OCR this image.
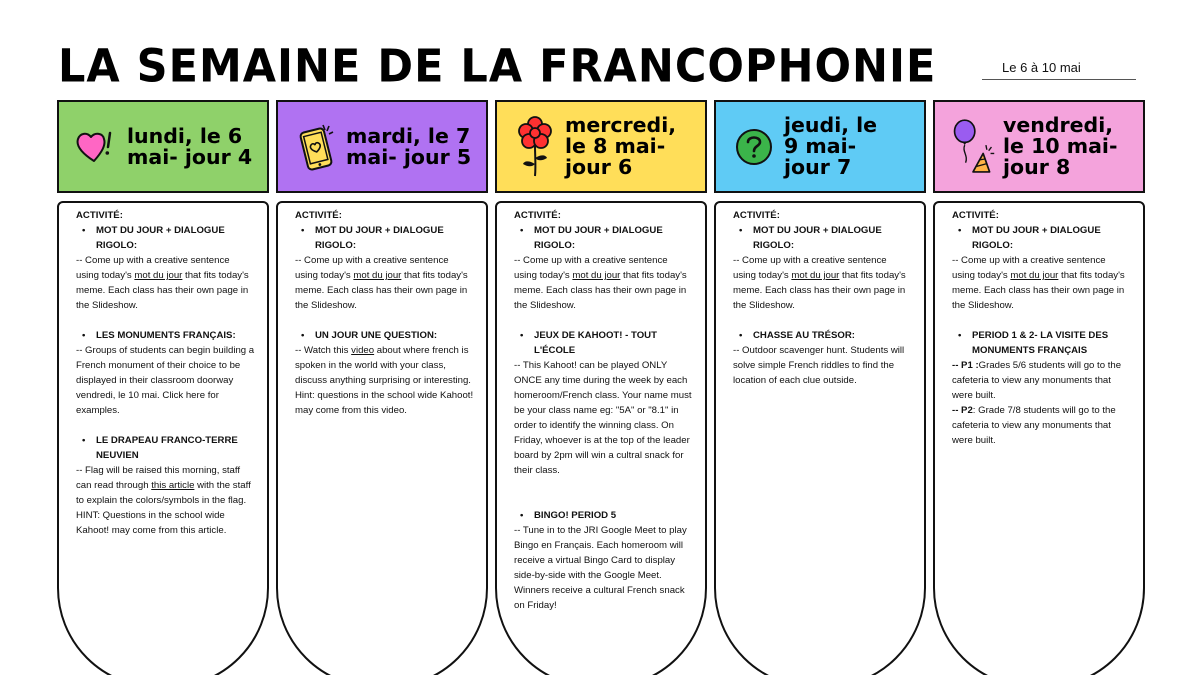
LA SEMAINE DE LA FRANCOPHONIE	Le 6 à 10 mai
lundi, le 6
mai- jour 4
ACTIVITÉ:
•	MOT DU JOUR + DIALOGUE RIGOLO:
-- Come up with a creative sentence using today's mot du jour that fits today's meme. Each class has their own page in the Slideshow.
•	LES MONUMENTS FRANÇAIS:
-- Groups of students can begin building a French monument of their choice to be displayed in their classroom doorway vendredi, le 10 mai. Click here for examples.
•	LE DRAPEAU FRANCO-TERRE NEUVIEN
-- Flag will be raised this morning, staff can read through this article with the staff to explain the colors/symbols in the flag. HINT: Questions in the school wide Kahoot! may come from this article.
mardi, le 7
mai- jour 5
ACTIVITÉ:
•	MOT DU JOUR + DIALOGUE RIGOLO:
-- Come up with a creative sentence using today's mot du jour that fits today's meme. Each class has their own page in the Slideshow.
•	UN JOUR UNE QUESTION:
-- Watch this video about where french is spoken in the world with your class, discuss anything surprising or interesting. Hint: questions in the school wide Kahoot! may come from this video.
mercredi,
le 8 mai-
jour 6
ACTIVITÉ:
•	MOT DU JOUR + DIALOGUE RIGOLO:
-- Come up with a creative sentence using today's mot du jour that fits today's meme. Each class has their own page in the Slideshow.
•	JEUX DE KAHOOT! - TOUT L'ÉCOLE
-- This Kahoot! can be played ONLY ONCE any time during the week by each homeroom/French class. Your name must be your class name eg: "5A" or "8.1" in order to identify the winning class. On Friday, whoever is at the top of the leader board by 2pm will win a cultral snack for their class.
•	BINGO! PERIOD 5
-- Tune in to the JRI Google Meet to play Bingo en Français. Each homeroom will receive a virtual Bingo Card to display side-by-side with the Google Meet. Winners receive a cultural French snack on Friday!
jeudi, le
9 mai-
jour 7
ACTIVITÉ:
•	MOT DU JOUR + DIALOGUE RIGOLO:
-- Come up with a creative sentence using today's mot du jour that fits today's meme. Each class has their own page in the Slideshow.
•	CHASSE AU TRÉSOR:
-- Outdoor scavenger hunt. Students will solve simple French riddles to find the location of each clue outside.
vendredi,
le 10 mai-
jour 8
ACTIVITÉ:
•	MOT DU JOUR + DIALOGUE RIGOLO:
-- Come up with a creative sentence using today's mot du jour that fits today's meme. Each class has their own page in the Slideshow.
•	PERIOD 1 & 2- LA VISITE DES MONUMENTS FRANÇAIS
-- P1 :Grades 5/6 students will go to the cafeteria to view any monuments that were built.
-- P2: Grade 7/8 students will go to the cafeteria to view any monuments that were built.
